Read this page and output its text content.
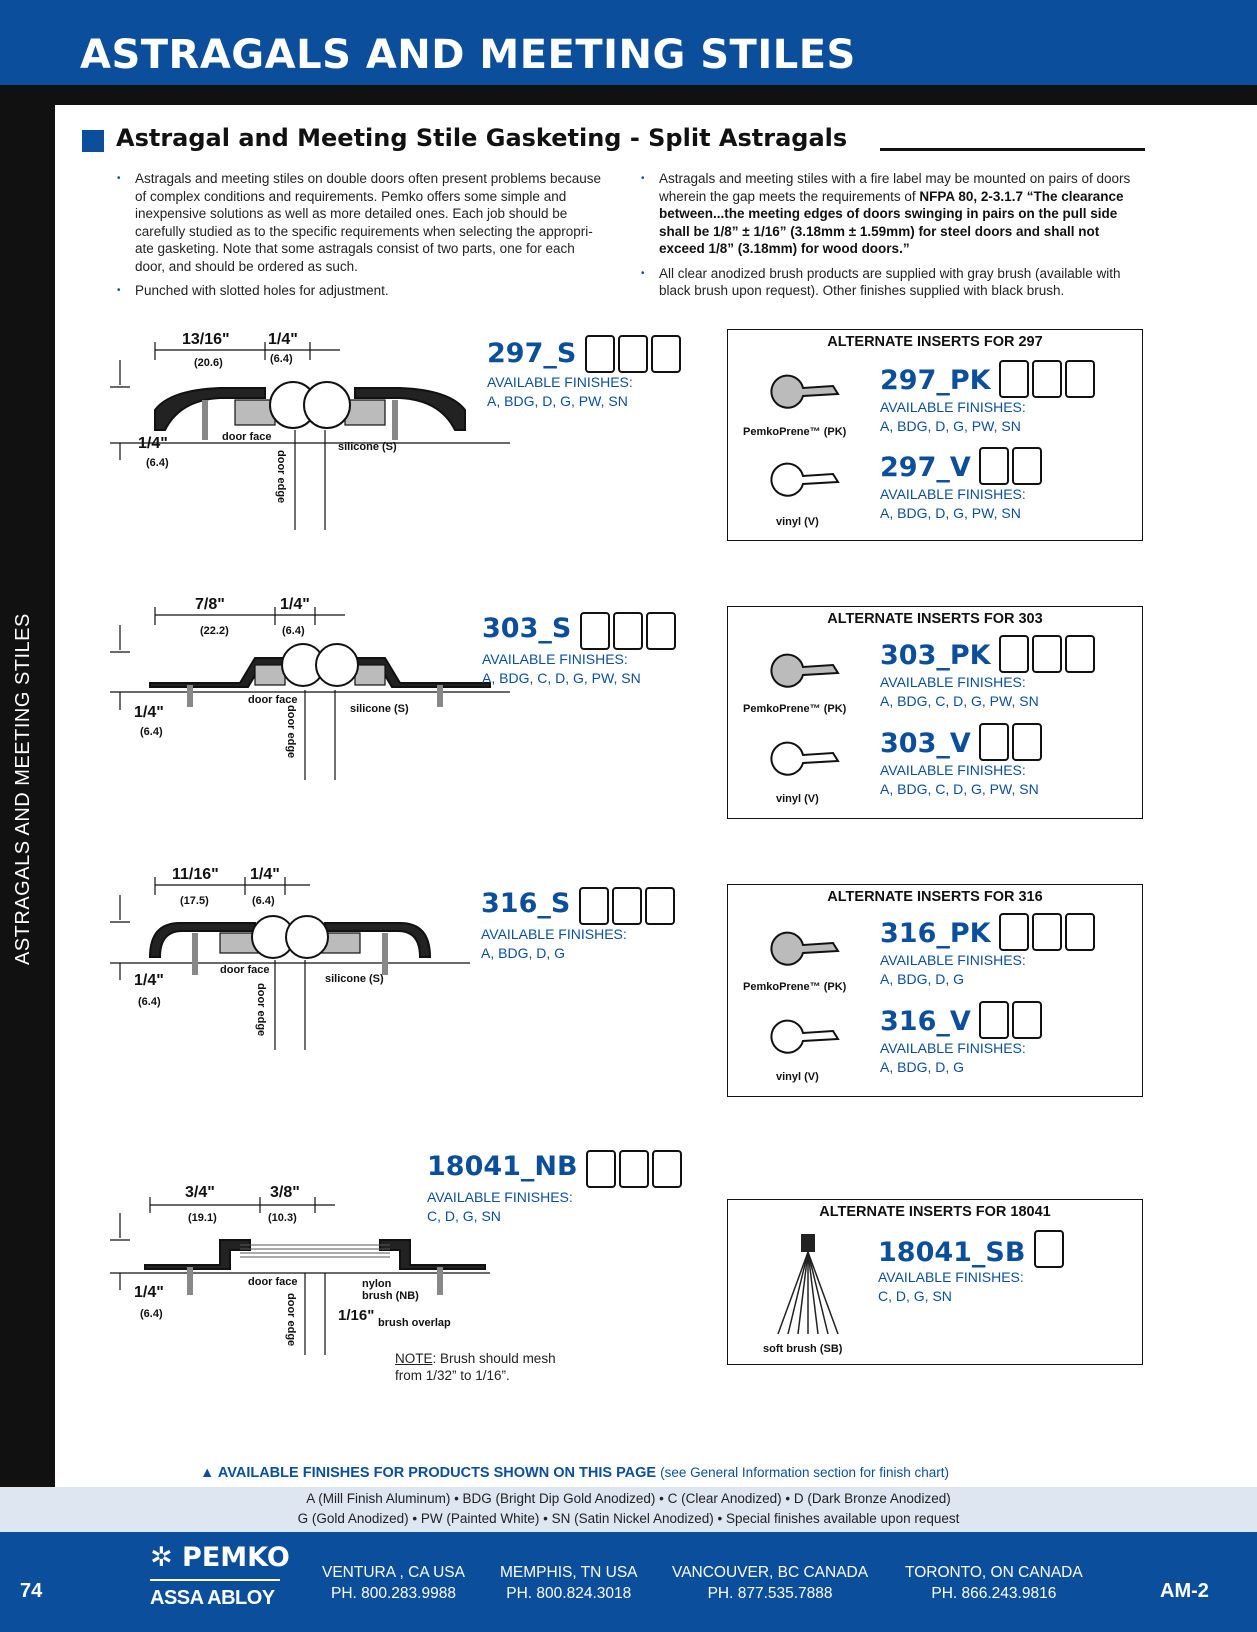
ASTRAGALS AND MEETING STILES
ASTRAGALS AND MEETING STILES
Astragal and Meeting Stile Gasketing - Split Astragals

• Astragals and meeting stiles on double doors often present problems because of complex conditions and requirements. Pemko offers some simple and inexpensive solutions as well as more detailed ones. Each job should be carefully studied as to the specific requirements when selecting the appropri-ate gasketing. Note that some astragals consist of two parts, one for each door, and should be ordered as such.

• Punched with slotted holes for adjustment.

• Astragals and meeting stiles with a fire label may be mounted on pairs of doors wherein the gap meets the requirements of NFPA 80, 2-3.1.7 “The clearance between...the meeting edges of doors swinging in pairs on the pull side shall be 1/8” ± 1/16” (3.18mm ± 1.59mm) for steel doors and shall not exceed 1/8” (3.18mm) for wood doors.”

• All clear anodized brush products are supplied with gray brush (available with black brush upon request). Other finishes supplied with black brush.

13/16" 1/4"
(20.6)	(6.4)
1/4"
(6.4)
door face
silicone (S)
door edge
7/8"	1/4"
(22.2)	(6.4)
1/4"
(6.4)
door face
silicone (S)
door edge
11/16" 1/4"
(17.5)	(6.4)
1/4"
(6.4)
door face
silicone (S)
door edge
3/4"	3/8"
(19.1)	(10.3)
1/4"
(6.4)
door face	nylon
brush (NB)
1/16" brush overlap
door edge
297_S
AVAILABLE FINISHES:
A, BDG, D, G, PW, SN
303_S
AVAILABLE FINISHES:
A, BDG, C, D, G, PW, SN
316_S
AVAILABLE FINISHES:
A, BDG, D, G
18041_NB
AVAILABLE FINISHES:
C, D, G, SN
ALTERNATE INSERTS FOR 297
PemkoPrene™ (PK)
297_PK
AVAILABLE FINISHES:
A, BDG, D, G, PW, SN
vinyl (V)
297_V
AVAILABLE FINISHES:
A, BDG, D, G, PW, SN
ALTERNATE INSERTS FOR 303
PemkoPrene™ (PK)
303_PK
AVAILABLE FINISHES:
A, BDG, C, D, G, PW, SN
vinyl (V)
303_V
AVAILABLE FINISHES:
A, BDG, C, D, G, PW, SN
ALTERNATE INSERTS FOR 316
PemkoPrene™ (PK)
316_PK
AVAILABLE FINISHES:
A, BDG, D, G
vinyl (V)
316_V
AVAILABLE FINISHES:
A, BDG, D, G
ALTERNATE INSERTS FOR 18041
soft brush (SB)
18041_SB
AVAILABLE FINISHES:
C, D, G, SN
NOTE: Brush should mesh
from 1/32” to 1/16”.
▲ AVAILABLE FINISHES FOR PRODUCTS SHOWN ON THIS PAGE (see General Information section for finish chart)
A (Mill Finish Aluminum) • BDG (Bright Dip Gold Anodized) • C (Clear Anodized) • D (Dark Bronze Anodized)
G (Gold Anodized) • PW (Painted White) • SN (Satin Nickel Anodized) • Special finishes available upon request
74
✲ PEMKO
ASSA ABLOY
VENTURA , CA USA
PH. 800.283.9988
MEMPHIS, TN USA
PH. 800.824.3018
VANCOUVER, BC CANADA
PH. 877.535.7888
TORONTO, ON CANADA
PH. 866.243.9816	AM-2
